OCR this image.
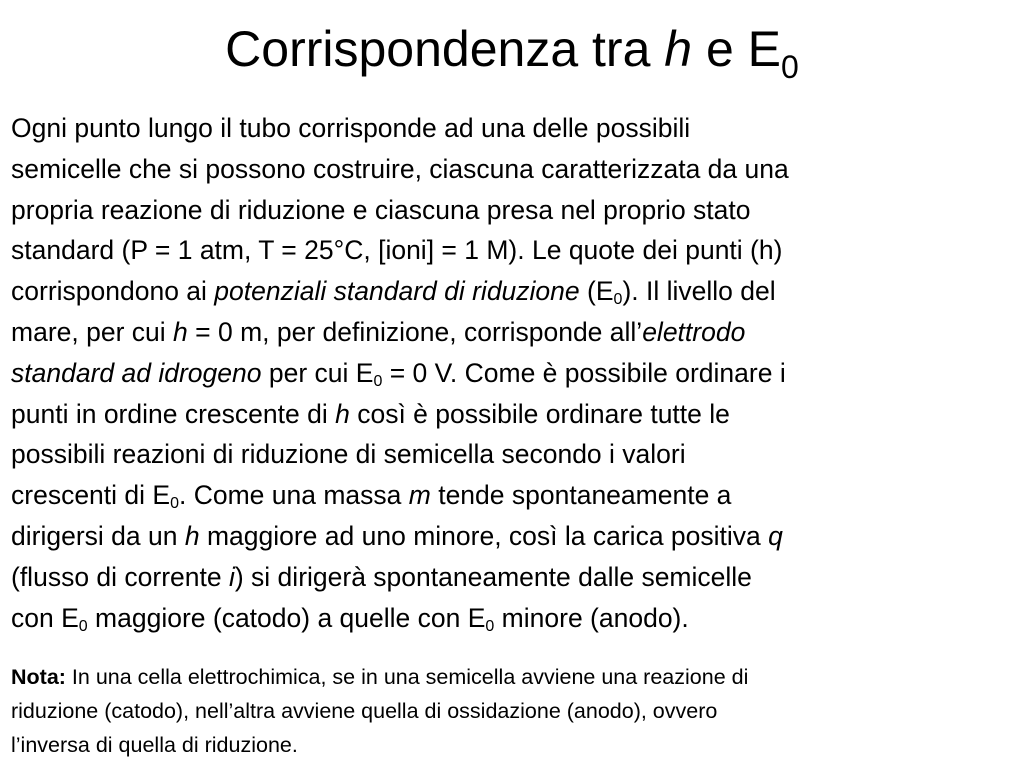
Corrispondenza tra h e $E_0$

Ogni punto lungo il tubo corrisponde ad una delle possibili
semicelle che si possono costruire, ciascuna caratterizzata da una
propria reazione di riduzione e ciascuna presa nel proprio stato
standard (P = 1 atm, T = 25°C, [ioni] = 1 M). Le quote dei punti (h)
corrispondono ai potenziali standard di riduzione $(E_0)$. Il livello del
mare, per cui h = 0 m, per definizione, corrisponde all’elettrodo
standard ad idrogeno per cui $E_0 = 0$ V. Come è possibile ordinare i
punti in ordine crescente di h così è possibile ordinare tutte le
possibili reazioni di riduzione di semicella secondo i valori
crescenti di $E_0$. Come una massa m tende spontaneamente a
dirigersi da un h maggiore ad uno minore, così la carica positiva q
(flusso di corrente i) si dirigerà spontaneamente dalle semicelle
con $E_0$ maggiore (catodo) a quelle con $E_0$ minore (anodo).

Nota: In una cella elettrochimica, se in una semicella avviene una reazione di
riduzione (catodo), nell’altra avviene quella di ossidazione (anodo), ovvero
l’inversa di quella di riduzione.
